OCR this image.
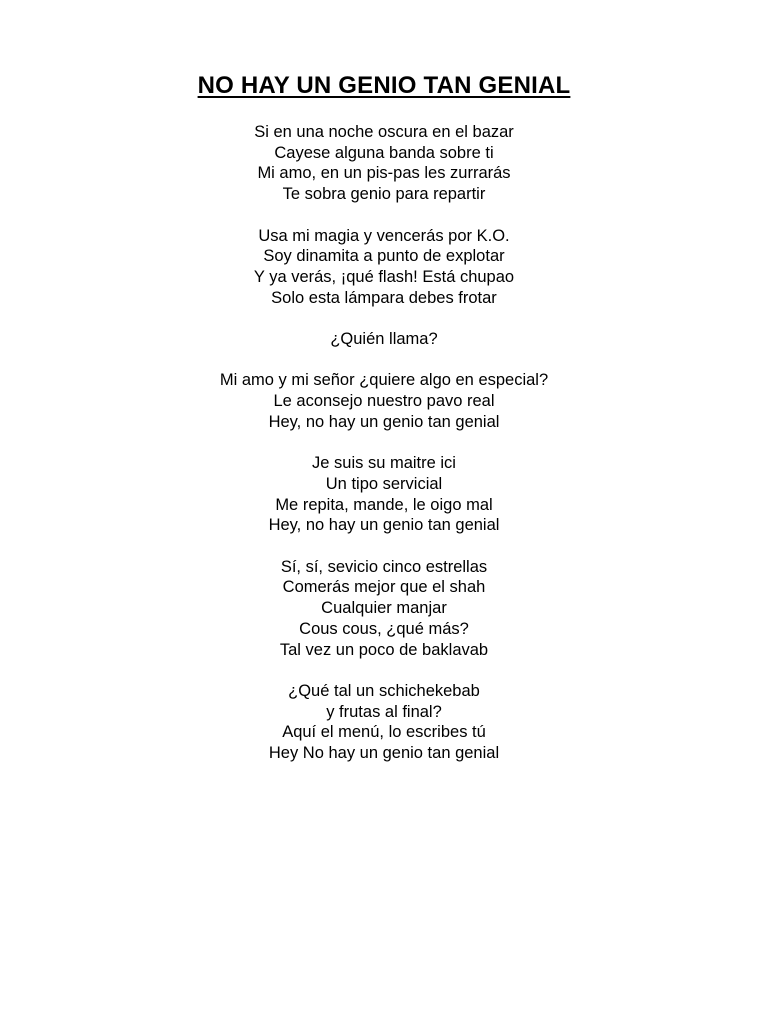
NO HAY UN GENIO TAN GENIAL
Si en una noche oscura en el bazar
Cayese alguna banda sobre ti
Mi amo, en un pis-pas les zurrarás
Te sobra genio para repartir
Usa mi magia y vencerás por K.O.
Soy dinamita a punto de explotar
Y ya verás, ¡qué flash! Está chupao
Solo esta lámpara debes frotar
¿Quién llama?
Mi amo y mi señor ¿quiere algo en especial?
Le aconsejo nuestro pavo real
Hey, no hay un genio tan genial
Je suis su maitre ici
Un tipo servicial
Me repita, mande, le oigo mal
Hey, no hay un genio tan genial
Sí, sí, sevicio cinco estrellas
Comerás mejor que el shah
Cualquier manjar
Cous cous, ¿qué más?
Tal vez un poco de baklavab
¿Qué tal un schichekebab
y frutas al final?
Aquí el menú, lo escribes tú
Hey No hay un genio tan genial
